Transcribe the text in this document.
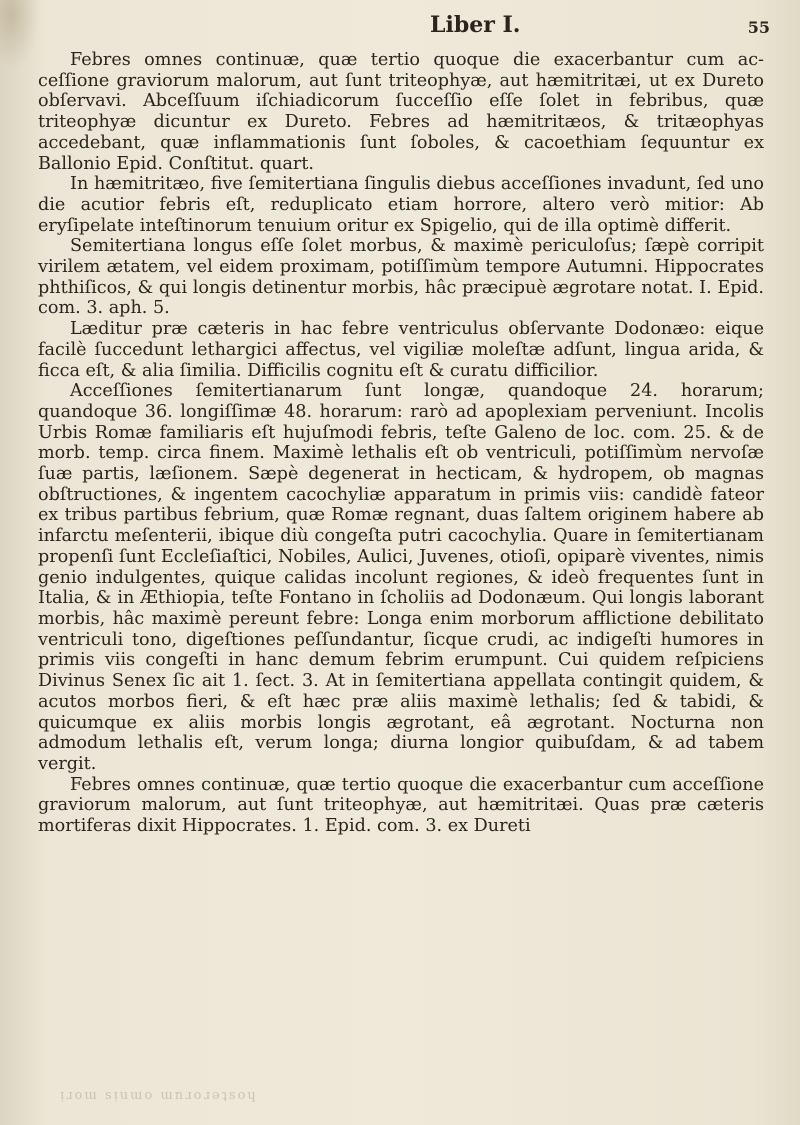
Liber I.	55

Febres omnes continuæ, quæ tertio quoque die exacerbantur cum ac-ceſſione graviorum malorum, aut ſunt triteophyæ, aut hæmitritæi, ut ex Dureto obſervavi. Abceſſuum iſchiadicorum ſucceſſio eſſe ſolet in febribus, quæ triteophyæ dicuntur ex Dureto. Febres ad hæmitritæos, & tritæophyas accedebant, quæ inflammationis ſunt ſoboles, & cacoethiam ſequuntur ex Ballonio Epid. Conſtitut. quart.

In hæmitritæo, five ſemitertiana ſingulis diebus acceſſiones invadunt, ſed uno die acutior febris eſt, reduplicato etiam horrore, altero verò mitior: Ab eryſipelate inteſtinorum tenuium oritur ex Spigelio, qui de illa optimè differit.

Semitertiana longus eſſe ſolet morbus, & maximè periculoſus; ſæpè corripit virilem ætatem, vel eidem proximam, potiſſimùm tempore Autumni. Hippocrates phthiſicos, & qui longis detinentur morbis, hâc præcipuè ægrotare notat. I. Epid. com. 3. aph. 5.

Læditur præ cæteris in hac febre ventriculus obſervante Dodonæo: eique facilè ſuccedunt lethargici affectus, vel vigiliæ moleſtæ adſunt, lingua arida, & ficca eſt, & alia ſimilia. Difficilis cognitu eſt & curatu difficilior.

Acceſſiones ſemitertianarum ſunt longæ, quandoque 24. horarum; quandoque 36. longiſſimæ 48. horarum: rarò ad apoplexiam perveniunt. Incolis Urbis Romæ familiaris eſt hujuſmodi febris, teſte Galeno de loc. com. 25. & de morb. temp. circa finem. Maximè lethalis eſt ob ventriculi, potiſſimùm nervoſæ ſuæ partis, læſionem. Sæpè degenerat in hecticam, & hydropem, ob magnas obſtructiones, & ingentem cacochyliæ apparatum in primis viis: candidè fateor ex tribus partibus febrium, quæ Romæ regnant, duas ſaltem originem habere ab infarctu meſenterii, ibique diù congeſta putri cacochylia. Quare in ſemitertianam propenſi ſunt Eccleſiaſtici, Nobiles, Aulici, Juvenes, otioſi, opiparè viventes, nimis genio indulgentes, quique calidas incolunt regiones, & ideò frequentes ſunt in Italia, & in Æthiopia, teſte Fontano in ſcholiis ad Dodonæum. Qui longis laborant morbis, hâc maximè pereunt febre: Longa enim morborum afflictione debilitato ventriculi tono, digeſtiones peſſundantur, ſicque crudi, ac indigeſti humores in primis viis congeſti in hanc demum febrim erumpunt. Cui quidem reſpiciens Divinus Senex ſic ait 1. ſect. 3. At in ſemitertiana appellata contingit quidem, & acutos morbos fieri, & eſt hæc præ aliis maximè lethalis; ſed & tabidi, & quicumque ex aliis morbis longis ægrotant, eâ ægrotant. Nocturna non admodum lethalis eſt, verum longa; diurna longior quibuſdam, & ad tabem vergit.

Febres omnes continuæ, quæ tertio quoque die exacerbantur cum acceſſione graviorum malorum, aut ſunt triteophyæ, aut hæmitritæi. Quas præ cæteris mortiferas dixit Hippocrates. 1. Epid. com. 3. ex Dureti

ᴉɹoɯ sᴉuɯo ɯnɹoɹǝʇsoɥ
